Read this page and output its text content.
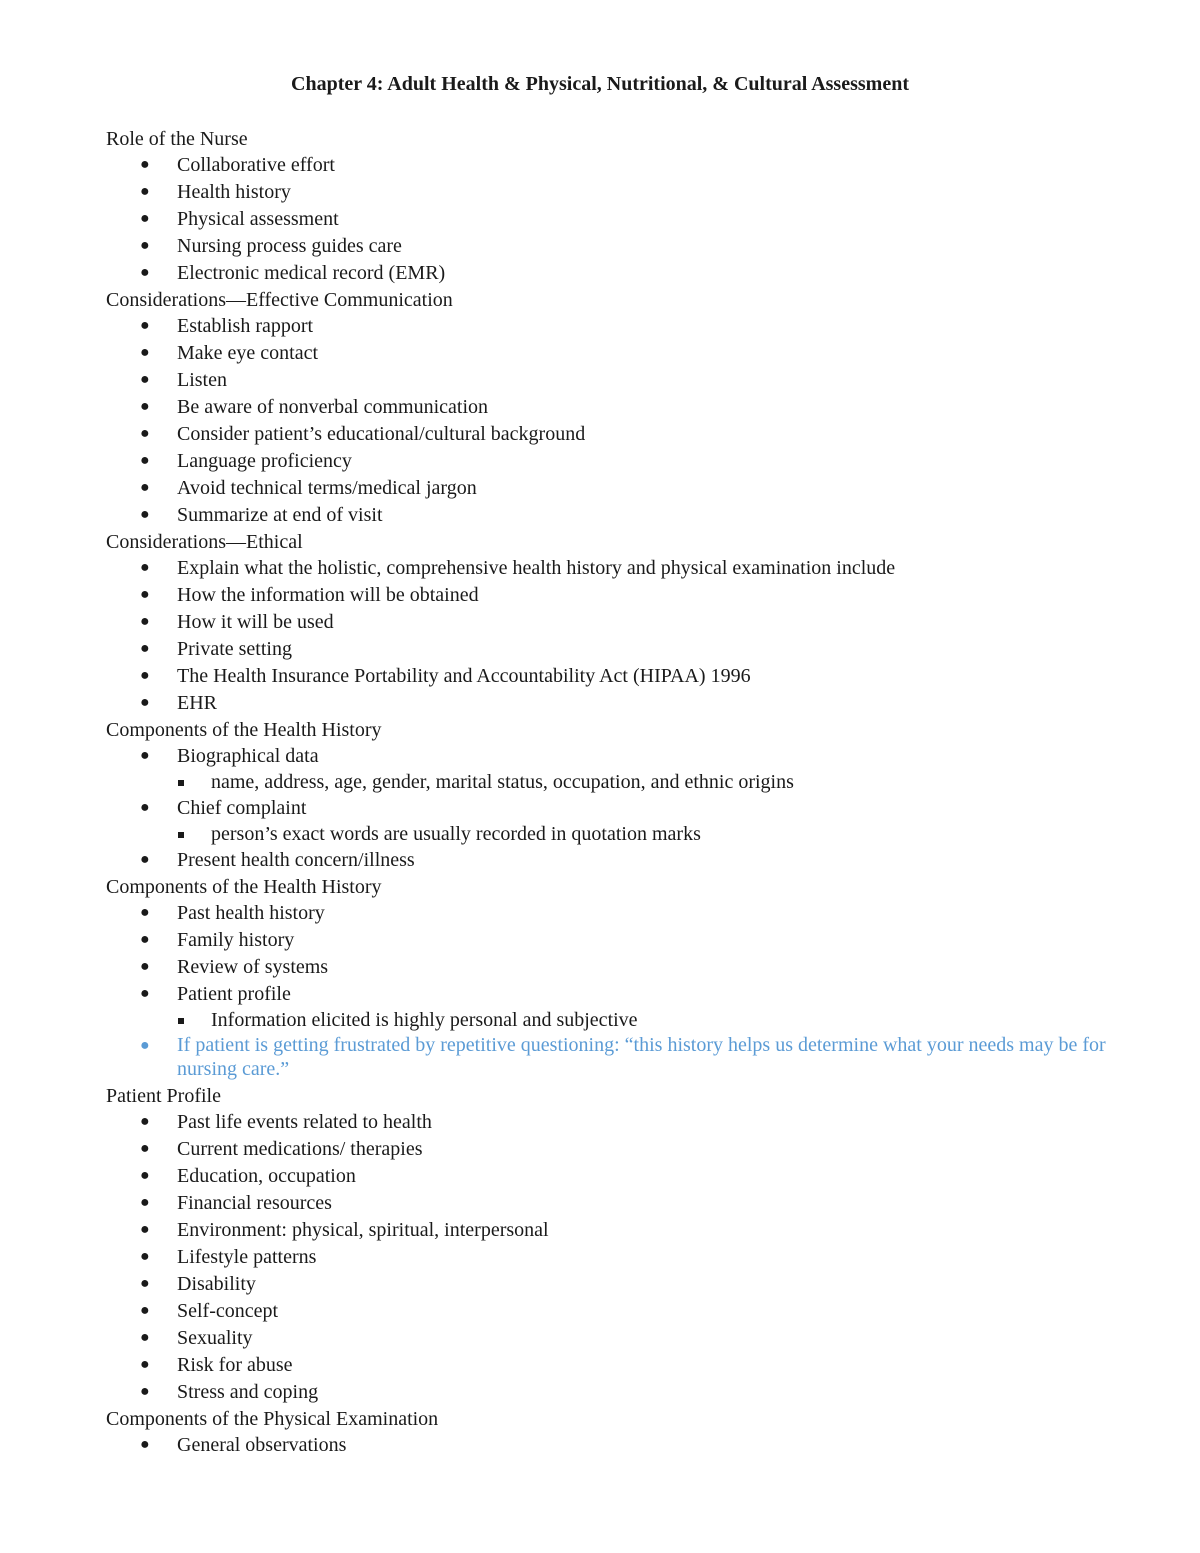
Chapter 4: Adult Health & Physical, Nutritional, & Cultural Assessment
Role of the Nurse
●	Collaborative effort
●	Health history
●	Physical assessment
●	Nursing process guides care
●	Electronic medical record (EMR)
Considerations—Effective Communication
●	Establish rapport
●	Make eye contact
●	Listen
●	Be aware of nonverbal communication
●	Consider patient’s educational/cultural background
●	Language proficiency
●	Avoid technical terms/medical jargon
●	Summarize at end of visit
Considerations—Ethical
●	Explain what the holistic, comprehensive health history and physical examination include
●	How the information will be obtained
●	How it will be used
●	Private setting
●	The Health Insurance Portability and Accountability Act (HIPAA) 1996
●	EHR
Components of the Health History
●	Biographical data
name, address, age, gender, marital status, occupation, and ethnic origins
●	Chief complaint
person’s exact words are usually recorded in quotation marks
●	Present health concern/illness
Components of the Health History
●	Past health history
●	Family history
●	Review of systems
●	Patient profile
Information elicited is highly personal and subjective
●	If patient is getting frustrated by repetitive questioning: “this history helps us determine what your needs may be for nursing care.”
Patient Profile
●	Past life events related to health
●	Current medications/ therapies
●	Education, occupation
●	Financial resources
●	Environment: physical, spiritual, interpersonal
●	Lifestyle patterns
●	Disability
●	Self-concept
●	Sexuality
●	Risk for abuse
●	Stress and coping
Components of the Physical Examination
●	General observations
